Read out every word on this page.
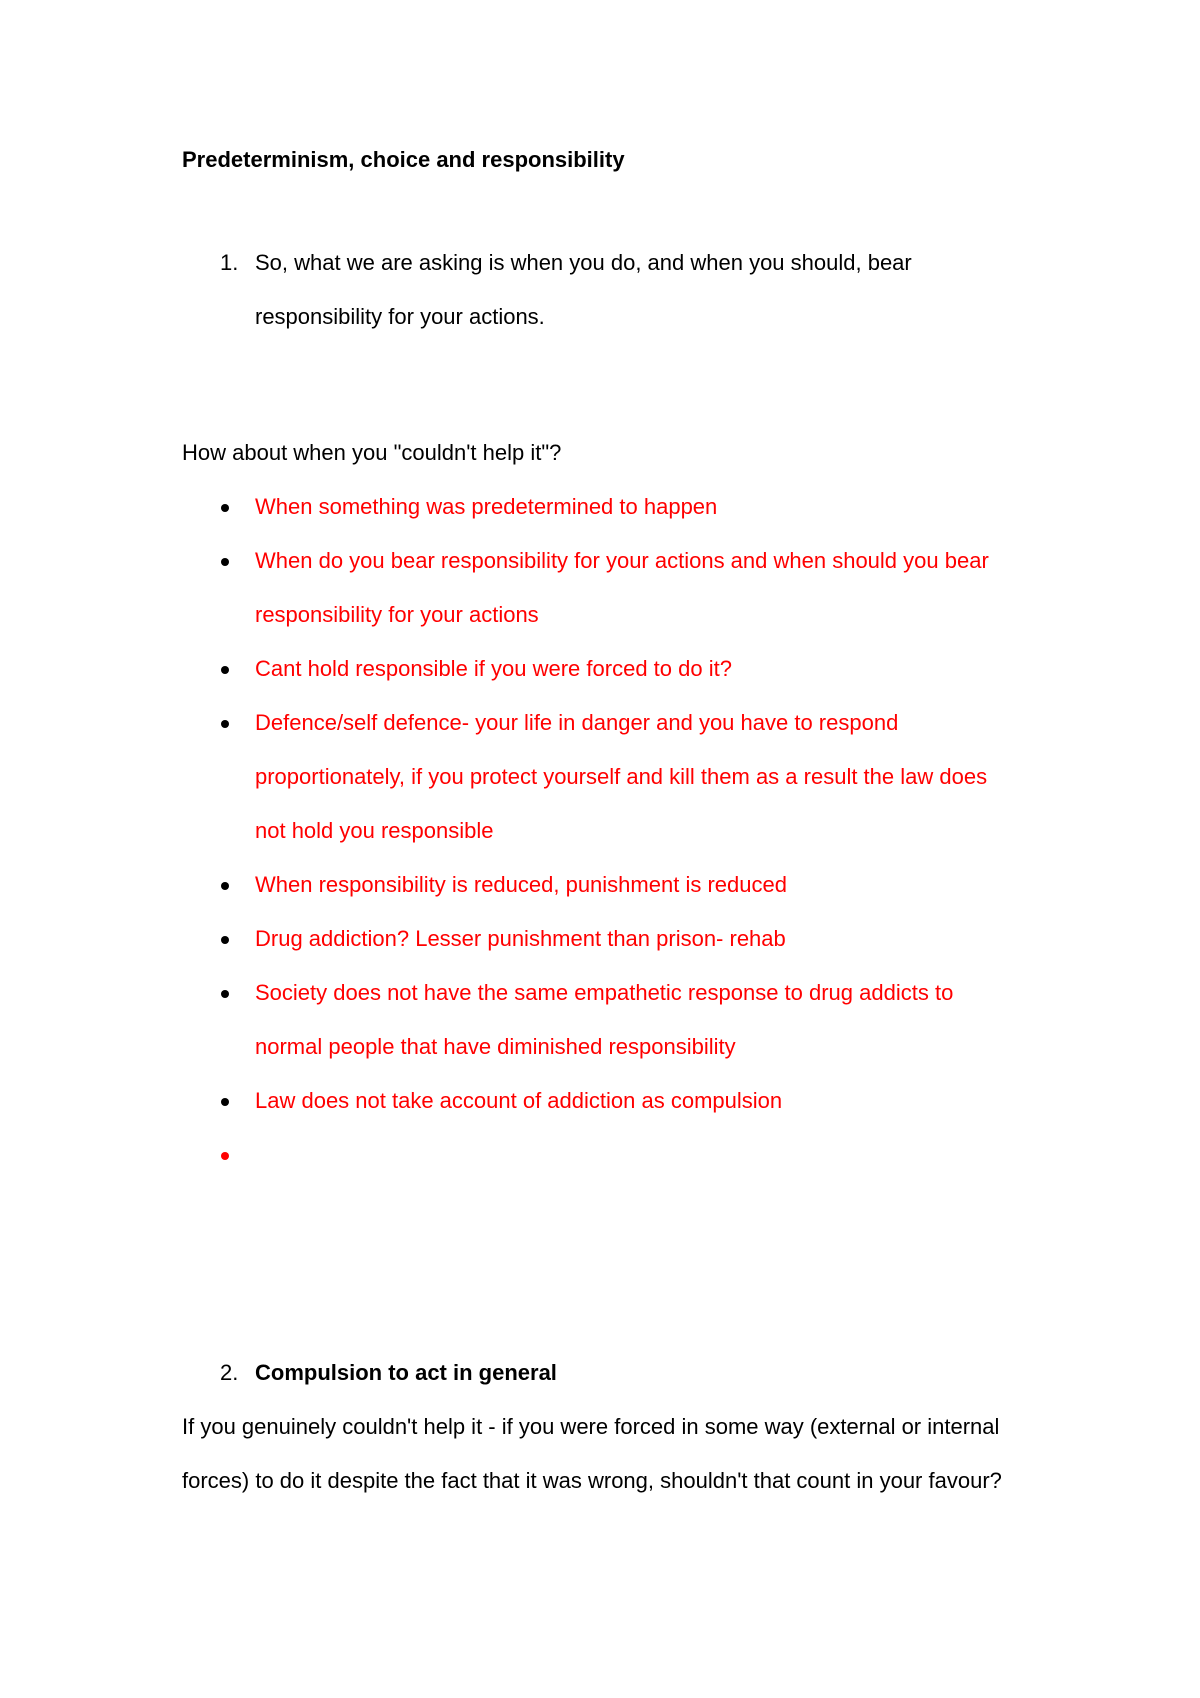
Predeterminism, choice and responsibility

1. So, what we are asking is when you do, and when you should, bear responsibility for your actions.
How about when you "couldn't help it"?
When something was predetermined to happen
When do you bear responsibility for your actions and when should you bear responsibility for your actions
Cant hold responsible if you were forced to do it?
Defence/self defence- your life in danger and you have to respond proportionately, if you protect yourself and kill them as a result the law does not hold you responsible
When responsibility is reduced, punishment is reduced
Drug addiction? Lesser punishment than prison- rehab
Society does not have the same empathetic response to drug addicts to normal people that have diminished responsibility
Law does not take account of addiction as compulsion
2. Compulsion to act in general
If you genuinely couldn't help it - if you were forced in some way (external or internal forces) to do it despite the fact that it was wrong, shouldn't that count in your favour?
